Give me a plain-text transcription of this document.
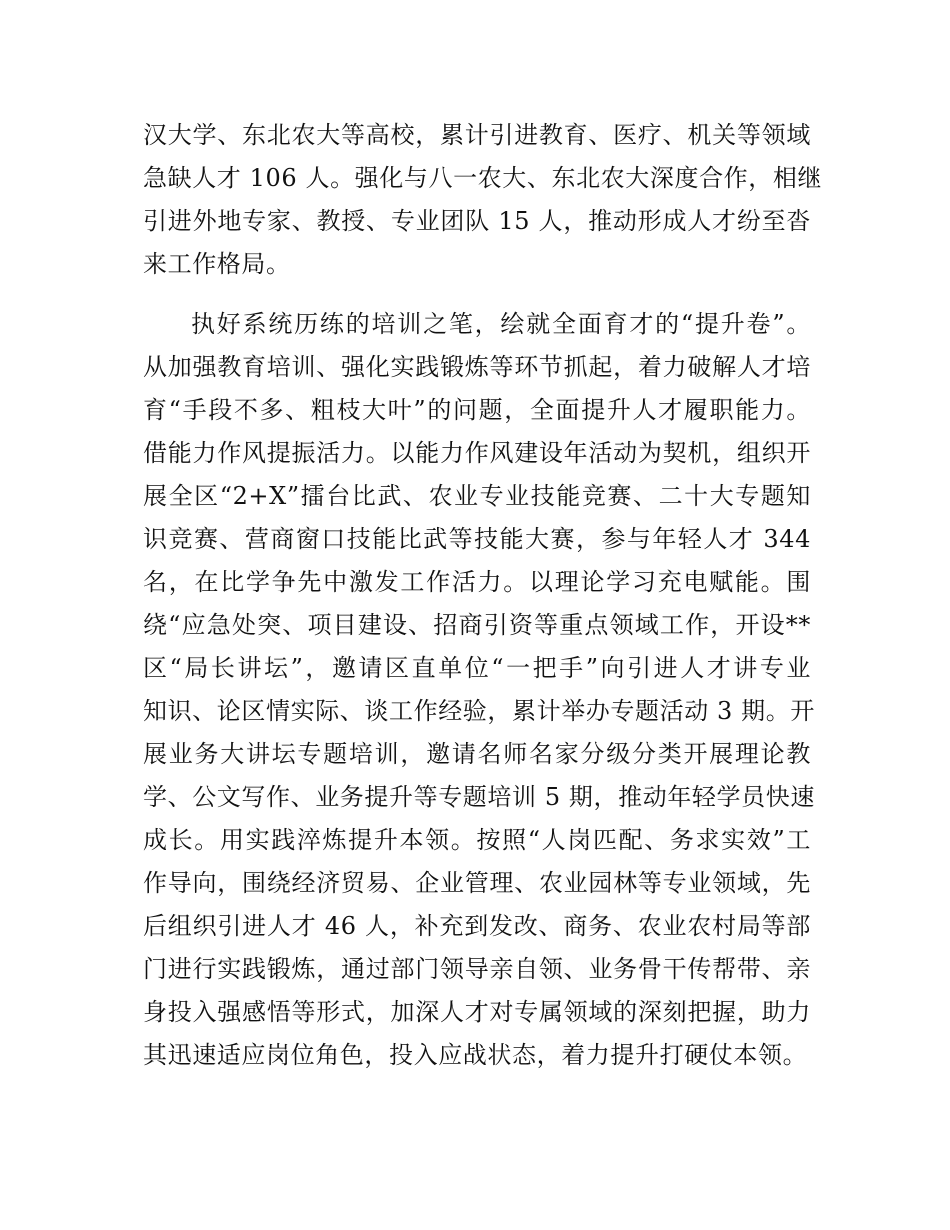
汉大学、东北农大等高校，累计引进教育、医疗、机关等领域
急缺人才 106 人。强化与八一农大、东北农大深度合作，相继
引进外地专家、教授、专业团队 15 人，推动形成人才纷至沓
来工作格局。
执好系统历练的培训之笔，绘就全面育才的“提升卷”。
从加强教育培训、强化实践锻炼等环节抓起，着力破解人才培
育“手段不多、粗枝大叶”的问题，全面提升人才履职能力。
借能力作风提振活力。以能力作风建设年活动为契机，组织开
展全区“2+X”擂台比武、农业专业技能竞赛、二十大专题知
识竞赛、营商窗口技能比武等技能大赛，参与年轻人才 344
名，在比学争先中激发工作活力。以理论学习充电赋能。围
绕“应急处突、项目建设、招商引资等重点领域工作，开设**
区“局长讲坛”，邀请区直单位“一把手”向引进人才讲专业
知识、论区情实际、谈工作经验，累计举办专题活动 3 期。开
展业务大讲坛专题培训，邀请名师名家分级分类开展理论教
学、公文写作、业务提升等专题培训 5 期，推动年轻学员快速
成长。用实践淬炼提升本领。按照“人岗匹配、务求实效”工
作导向，围绕经济贸易、企业管理、农业园林等专业领域，先
后组织引进人才 46 人，补充到发改、商务、农业农村局等部
门进行实践锻炼，通过部门领导亲自领、业务骨干传帮带、亲
身投入强感悟等形式，加深人才对专属领域的深刻把握，助力
其迅速适应岗位角色，投入应战状态，着力提升打硬仗本领。
